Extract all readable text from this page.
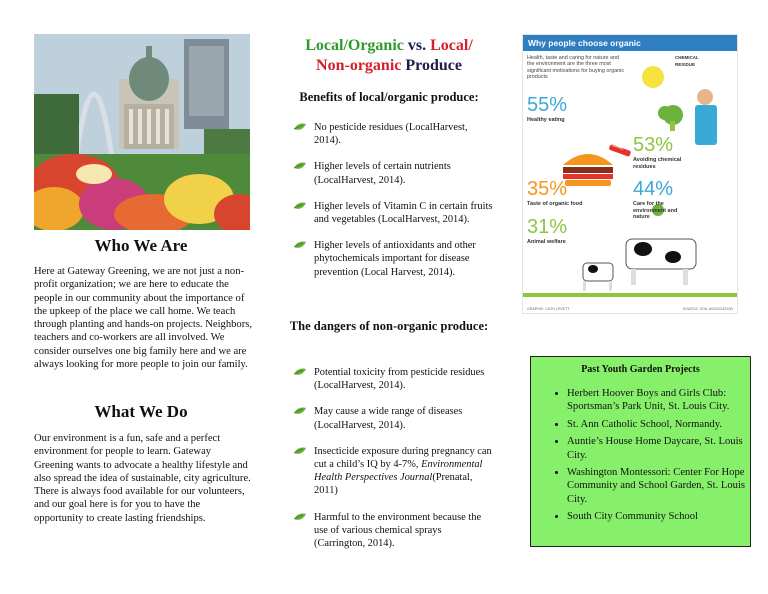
Who We Are
Here at Gateway Greening, we are not just a non-profit organization; we are here to educate the people in our community about the importance of the upkeep of the place we call home. We teach through planting and hands-on projects. Neighbors, teachers and co-workers are all involved. We consider ourselves one big family here and we are always looking for more people to join our family.
What We Do
Our environment is a fun, safe and a perfect environment for people to learn. Gateway Greening wants to advocate a healthy lifestyle and also spread the idea of sustainable, city agriculture. There is always food available for our volunteers, and our goal here is for you to have the opportunity to create lasting friendships.
Local/Organic vs. Local/
Non-organic Produce
Benefits of local/organic produce:
No pesticide residues (LocalHarvest, 2014).
Higher levels of certain nutrients (LocalHarvest, 2014).
Higher levels of Vitamin C in certain fruits and vegetables (LocalHarvest, 2014).
Higher levels of antioxidants and other phytochemicals important for disease prevention (Local Harvest, 2014).
The dangers of non-organic produce:
Potential toxicity from pesticide residues (LocalHarvest, 2014).
May cause a wide range of diseases (LocalHarvest, 2014).
Insecticide exposure during pregnancy can cut a child’s IQ by 4-7%, Environmental Health Perspectives Journal(Prenatal, 2011)
Harmful to the environment because the use of various chemical sprays (Carrington, 2014).
Why people choose organic
Health, taste and caring for nature and the environment are the three most significant motivations for buying organic products
55%
Healthy eating
53%
Avoiding chemical residues
35%
Taste of organic food
44%
Care for the environment and nature
31%
Animal welfare
CHEMICAL RESIDUE
ORGANIC
GRAPHIC: CATH LEVETT	SOURCE: SOIL ASSOCIATION
Past Youth Garden Projects
• Herbert Hoover Boys and Girls Club: Sportsman’s Park Unit, St. Louis City.
• St. Ann Catholic School, Normandy.
• Auntie’s House Home Daycare, St. Louis City.
• Washington Montessori: Center For Hope Community and School Garden, St. Louis City.
• South City Community School
